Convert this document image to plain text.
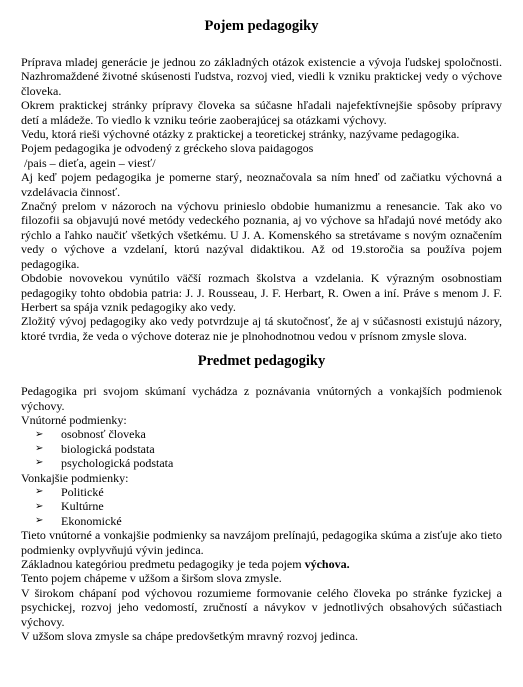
Pojem pedagogiky

Príprava mladej generácie je jednou zo základných otázok existencie a vývoja ľudskej spoločnosti. Nazhromaždené životné skúsenosti ľudstva, rozvoj vied, viedli k vzniku praktickej vedy o výchove človeka.

Okrem praktickej stránky prípravy človeka sa súčasne hľadali najefektívnejšie spôsoby prípravy detí a mládeže. To viedlo k vzniku teórie zaoberajúcej sa otázkami výchovy.

Vedu, ktorá rieši výchovné otázky z praktickej a teoretickej stránky, nazývame pedagogika.

Pojem pedagogika je odvodený z gréckeho slova paidagogos

/pais – dieťa, agein – viesť/

Aj keď pojem pedagogika je pomerne starý, neoznačovala sa ním hneď od začiatku výchovná a vzdelávacia činnosť.

Značný prelom v názoroch na výchovu prinieslo obdobie humanizmu a renesancie. Tak ako vo filozofii sa objavujú nové metódy vedeckého poznania, aj vo výchove sa hľadajú nové metódy ako rýchlo a ľahko naučiť všetkých všetkému. U J. A. Komenského sa stretávame s novým označením vedy o výchove a vzdelaní, ktorú nazýval didaktikou. Až od 19.storočia sa používa pojem pedagogika.

Obdobie novovekou vynútilo väčší rozmach školstva a vzdelania. K výrazným osobnostiam pedagogiky tohto obdobia patria: J. J. Rousseau, J. F. Herbart, R. Owen a iní. Práve s menom J. F. Herbert sa spája vznik pedagogiky ako vedy.

Zložitý vývoj pedagogiky ako vedy potvrdzuje aj tá skutočnosť, že aj v súčasnosti existujú názory, ktoré tvrdia, že veda o výchove doteraz nie je plnohodnotnou vedou v prísnom zmysle slova.

Predmet pedagogiky

Pedagogika pri svojom skúmaní vychádza z poznávania vnútorných a vonkajších podmienok výchovy.

Vnútorné podmienky:

➢	osobnosť človeka
➢	biologická podstata
➢	psychologická podstata

Vonkajšie podmienky:

➢	Politické
➢	Kultúrne
➢	Ekonomické

Tieto vnútorné a vonkajšie podmienky sa navzájom prelínajú, pedagogika skúma a zisťuje ako tieto podmienky ovplyvňujú vývin jedinca.

Základnou kategóriou predmetu pedagogiky je teda pojem výchova.

Tento pojem chápeme v užšom a širšom slova zmysle.

V širokom chápaní pod výchovou rozumieme formovanie celého človeka po stránke fyzickej a psychickej, rozvoj jeho vedomostí, zručností a návykov v jednotlivých obsahových súčastiach výchovy.

V užšom slova zmysle sa chápe predovšetkým mravný rozvoj jedinca.
